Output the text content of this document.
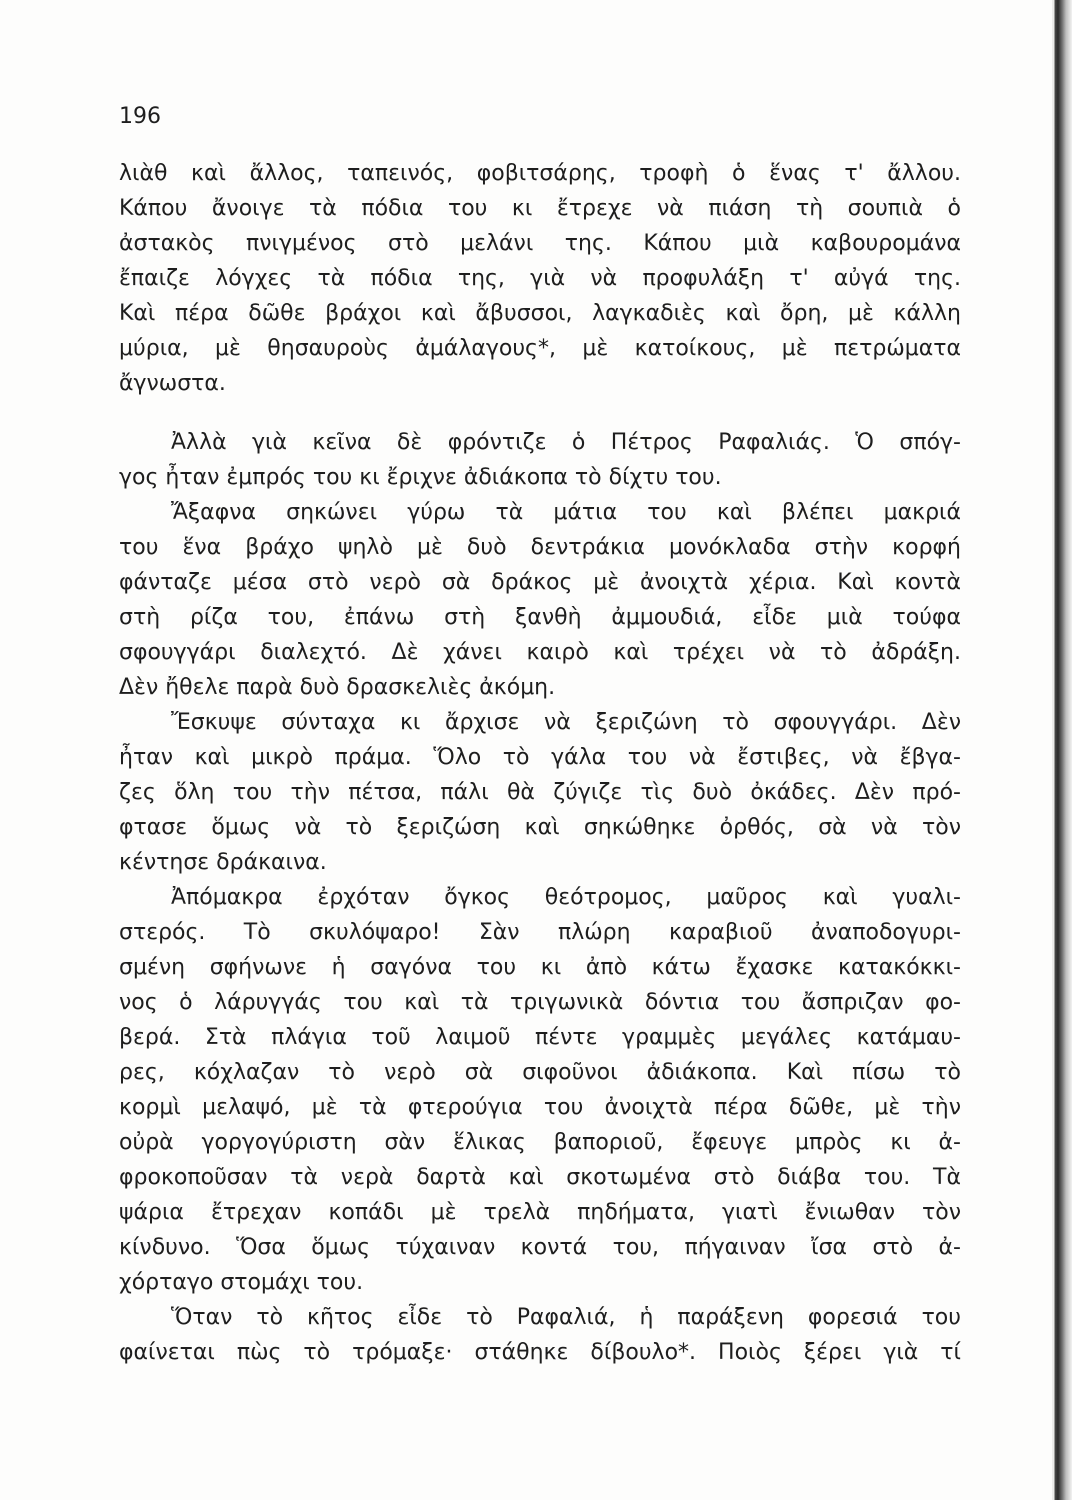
196
λιὰθ καὶ ἄλλος, ταπεινός, φοβιτσάρης, τροφὴ ὁ ἕνας τ' ἄλλου.
Κάπου ἄνοιγε τὰ πόδια του κι ἔτρεχε νὰ πιάση τὴ σουπιὰ ὁ
ἀστακὸς πνιγμένος στὸ μελάνι της. Κάπου μιὰ καβουρομάνα
ἔπαιζε λόγχες τὰ πόδια της, γιὰ νὰ προφυλάξη τ' αὐγά της.
Καὶ πέρα δῶθε βράχοι καὶ ἄβυσσοι, λαγκαδιὲς καὶ ὄρη, μὲ κάλλη
μύρια, μὲ θησαυροὺς ἀμάλαγους*, μὲ κατοίκους, μὲ πετρώματα
ἄγνωστα.
Ἀλλὰ γιὰ κεῖνα δὲ φρόντιζε ὁ Πέτρος Ραφαλιάς. Ὁ σπόγ-
γος ἦταν ἐμπρός του κι ἔριχνε ἀδιάκοπα τὸ δίχτυ του.
Ἄξαφνα σηκώνει γύρω τὰ μάτια του καὶ βλέπει μακριά
του ἕνα βράχο ψηλὸ μὲ δυὸ δεντράκια μονόκλαδα στὴν κορφή
φάνταζε μέσα στὸ νερὸ σὰ δράκος μὲ ἀνοιχτὰ χέρια. Καὶ κοντὰ
στὴ ρίζα του, ἐπάνω στὴ ξανθὴ ἀμμουδιά, εἶδε μιὰ τούφα
σφουγγάρι διαλεχτό. Δὲ χάνει καιρὸ καὶ τρέχει νὰ τὸ ἀδράξη.
Δὲν ἤθελε παρὰ δυὸ δρασκελιὲς ἀκόμη.
Ἔσκυψε σύνταχα κι ἄρχισε νὰ ξεριζώνη τὸ σφουγγάρι. Δὲν
ἦταν καὶ μικρὸ πράμα. Ὅλο τὸ γάλα του νὰ ἔστιβες, νὰ ἔβγα-
ζες ὅλη του τὴν πέτσα, πάλι θὰ ζύγιζε τὶς δυὸ ὀκάδες. Δὲν πρό-
φτασε ὅμως νὰ τὸ ξεριζώση καὶ σηκώθηκε ὀρθός, σὰ νὰ τὸν
κέντησε δράκαινα.
Ἀπόμακρα ἐρχόταν ὄγκος θεότρομος, μαῦρος καὶ γυαλι-
στερός. Τὸ σκυλόψαρο! Σὰν πλώρη καραβιοῦ ἀναποδογυρι-
σμένη σφήνωνε ἡ σαγόνα του κι ἀπὸ κάτω ἔχασκε κατακόκκι-
νος ὁ λάρυγγάς του καὶ τὰ τριγωνικὰ δόντια του ἄσπριζαν φο-
βερά. Στὰ πλάγια τοῦ λαιμοῦ πέντε γραμμὲς μεγάλες κατάμαυ-
ρες, κόχλαζαν τὸ νερὸ σὰ σιφοῦνοι ἀδιάκοπα. Καὶ πίσω τὸ
κορμὶ μελαψό, μὲ τὰ φτερούγια του ἀνοιχτὰ πέρα δῶθε, μὲ τὴν
οὐρὰ γοργογύριστη σὰν ἕλικας βαποριοῦ, ἔφευγε μπρὸς κι ἀ-
φροκοποῦσαν τὰ νερὰ δαρτὰ καὶ σκοτωμένα στὸ διάβα του. Τὰ
ψάρια ἔτρεχαν κοπάδι μὲ τρελὰ πηδήματα, γιατὶ ἔνιωθαν τὸν
κίνδυνο. Ὅσα ὅμως τύχαιναν κοντά του, πήγαιναν ἴσα στὸ ἀ-
χόρταγο στομάχι του.
Ὅταν τὸ κῆτος εἶδε τὸ Ραφαλιά, ἡ παράξενη φορεσιά του
φαίνεται πὼς τὸ τρόμαξε· στάθηκε δίβουλο*. Ποιὸς ξέρει γιὰ τί
